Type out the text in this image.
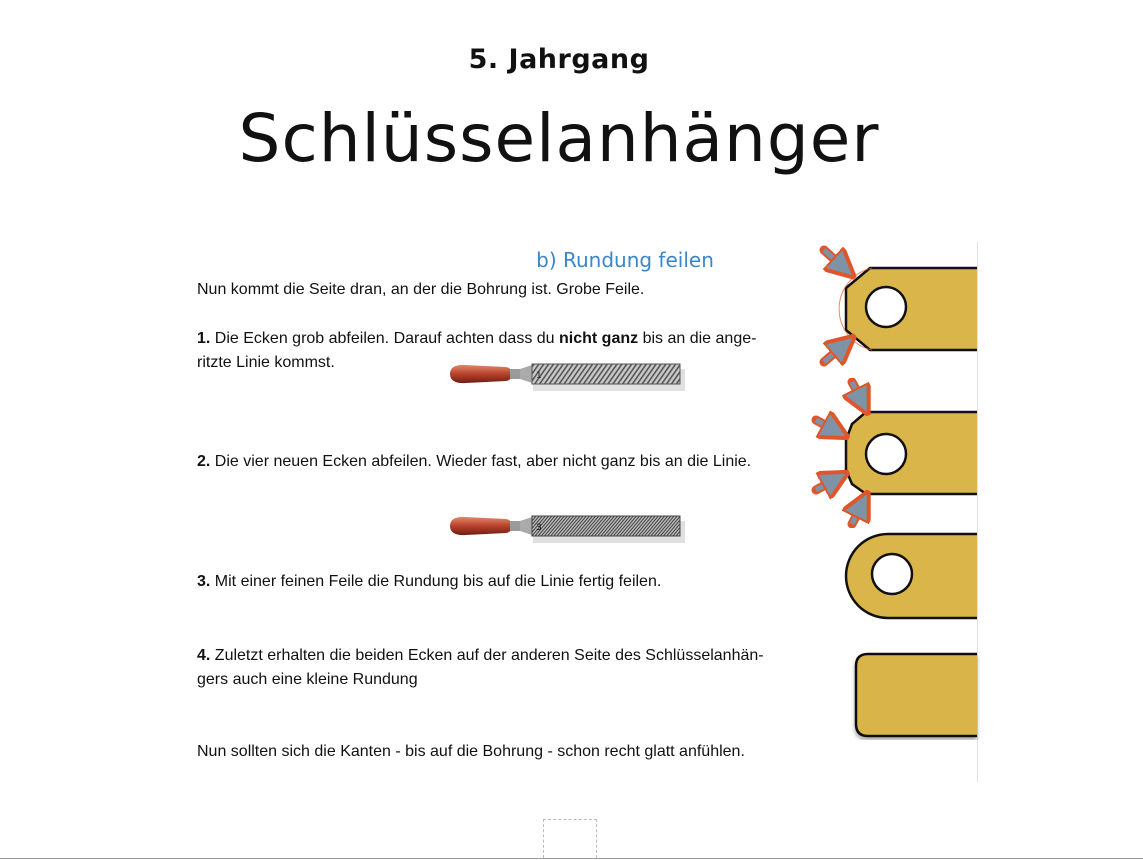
5. Jahrgang
Schlüsselanhänger
b) Rundung feilen
Nun kommt die Seite dran, an der die Bohrung ist. Grobe Feile.
1. Die Ecken grob abfeilen. Darauf achten dass du nicht ganz bis an die ange-
ritzte Linie kommst.
2. Die vier neuen Ecken abfeilen. Wieder fast, aber nicht ganz bis an die Linie.
3. Mit einer feinen Feile die Rundung bis auf die Linie fertig feilen.
4. Zuletzt erhalten die beiden Ecken auf der anderen Seite des Schlüsselanhän-
gers auch eine kleine Rundung
Nun sollten sich die Kanten - bis auf die Bohrung - schon recht glatt anfühlen.
1
3
